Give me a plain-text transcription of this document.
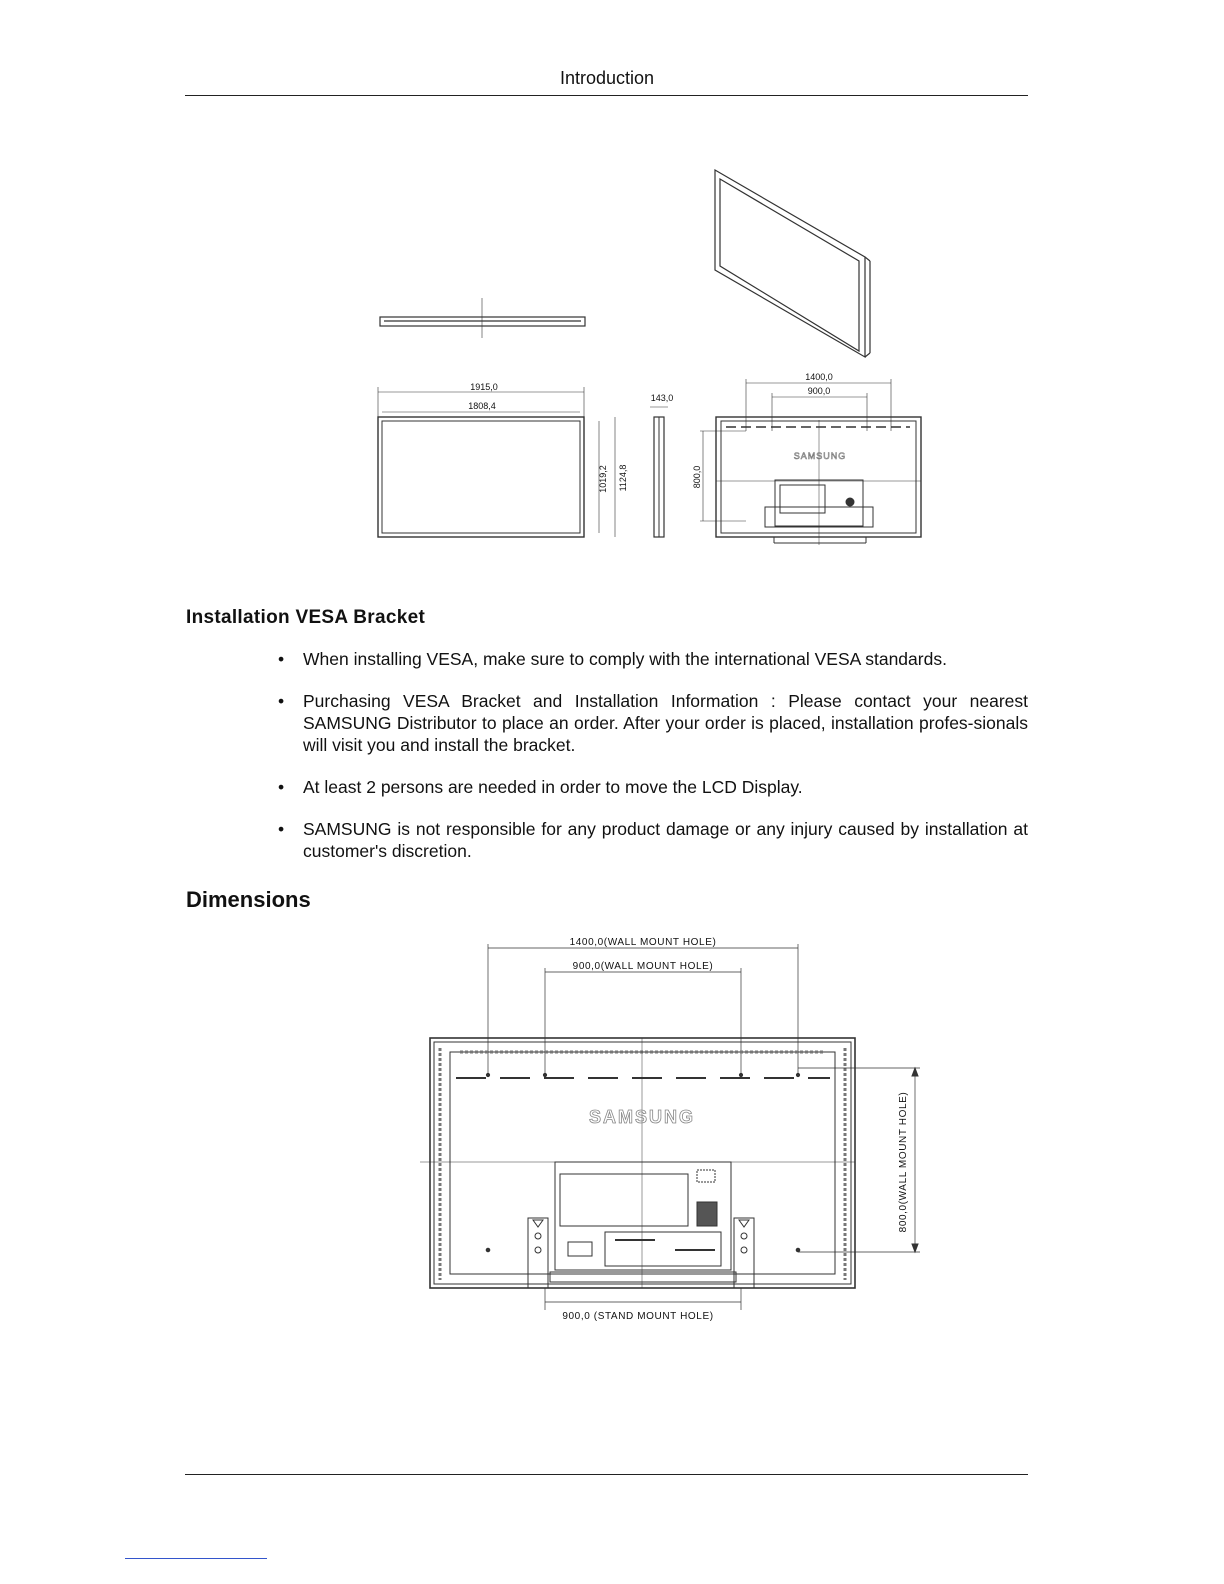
Introduction
1915,0
1808,4
1019,2 1124,8
143,0
1400,0
900,0
800,0
SAMSUNG
Installation VESA Bracket
• When installing VESA, make sure to comply with the international VESA standards.
• Purchasing VESA Bracket and Installation Information : Please contact your nearest SAMSUNG Distributor to place an order. After your order is placed, installation profes-sionals will visit you and install the bracket.
• At least 2 persons are needed in order to move the LCD Display.
• SAMSUNG is not responsible for any product damage or any injury caused by installation at customer's discretion.
Dimensions
1400,0(WALL MOUNT HOLE)
900,0(WALL MOUNT HOLE)
800,0(WALL MOUNT HOLE)
900,0 (STAND MOUNT HOLE)
SAMSUNG
